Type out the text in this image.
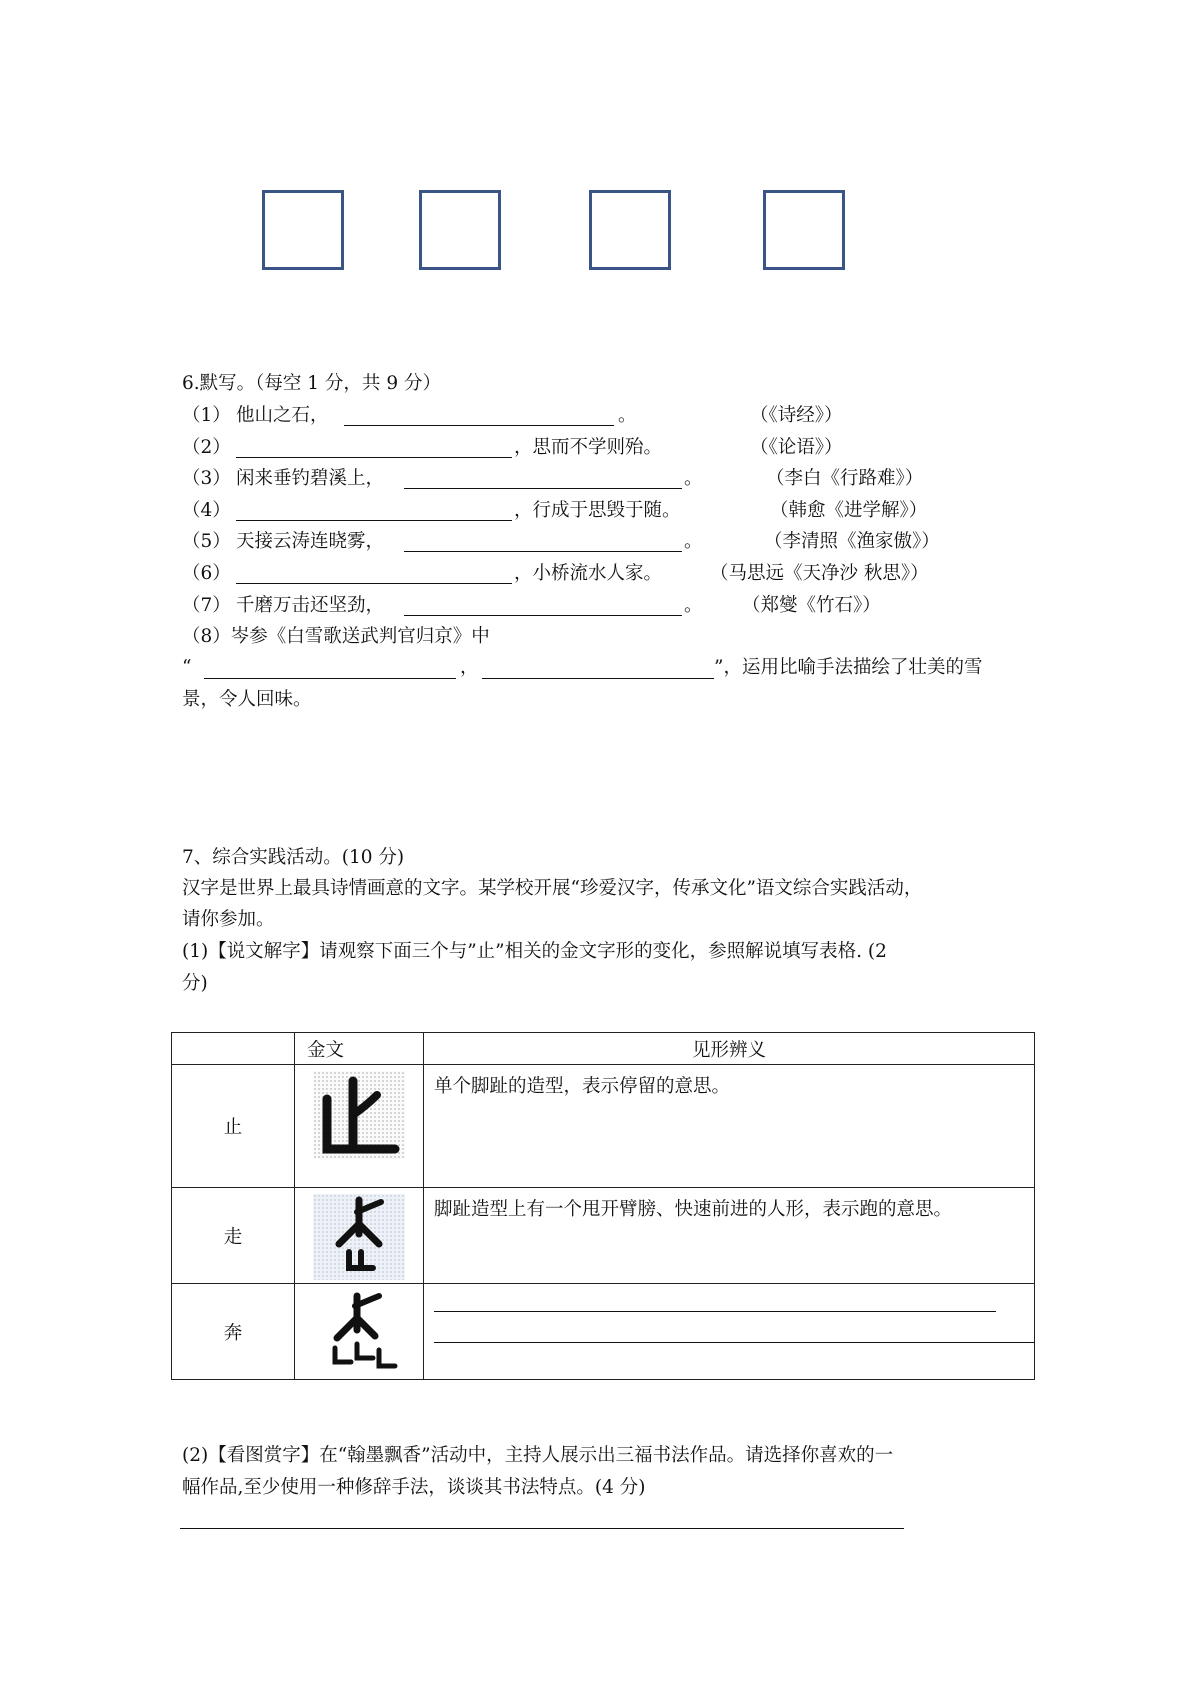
6.默写。（每空 1 分，共 9 分）
（1） 他山之石，	。	（《诗经》）
（2）	，思而不学则殆。	（《论语》）
（3） 闲来垂钓碧溪上，	。	（李白《行路难》）
（4）	，行成于思毁于随。	（韩愈《进学解》）
（5） 天接云涛连晓雾，	。	（李清照《渔家傲》）
（6）	，小桥流水人家。	（马思远《天净沙 秋思》）
（7） 千磨万击还坚劲，	。 （郑燮《竹石》）
（8）岑参《白雪歌送武判官归京》中
“	，	”，运用比喻手法描绘了壮美的雪
景，令人回味。
7、综合实践活动。(10 分)
汉字是世界上最具诗情画意的文字。某学校开展“珍爱汉字，传承文化”语文综合实践活动，
请你参加。
(1)【说文解字】请观察下面三个与”止”相关的金文字形的变化，参照解说填写表格. (2
分)
	金文	见形辨义
止		单个脚趾的造型，表示停留的意思。

走		脚趾造型上有一个甩开臂膀、快速前进的人形，表示跑的意思。

奔	

(2)【看图赏字】在“翰墨飘香”活动中，主持人展示出三福书法作品。请选择你喜欢的一
幅作品,至少使用一种修辞手法，谈谈其书法特点。(4 分)
